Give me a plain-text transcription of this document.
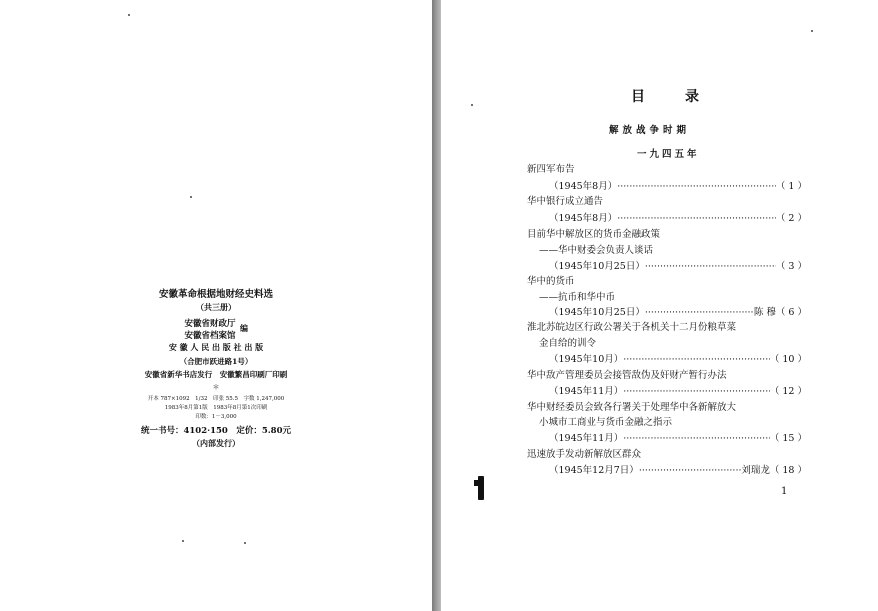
安徽革命根据地财经史料选
（共三册）
安徽省财政厅
安徽省档案馆
编
安 徽 人 民 出 版 社 出 版
（合肥市跃进路1号）
安徽省新华书店发行　安徽繁昌印刷厂印刷
＊
开本 787×1092　1/32　印张 55.5　字数 1,247,000
1983年8月第1版　1983年8月第1次印刷
印数：1－3,000
统一书号：4102·150　定价：5.80元
（内部发行）
目录
解放战争时期
一九四五年
新四军布告
（1945年8月） ·····	（ 1 ）
华中银行成立通告
（1945年8月） ·····	（ 2 ）
目前华中解放区的货币金融政策
——华中财委会负责人谈话
（1945年10月25日） ·····	（ 3 ）
华中的货币
——抗币和华中币
（1945年10月25日） ·····	陈 穆 （ 6 ）
淮北苏皖边区行政公署关于各机关十二月份粮草菜
金自给的训令
（1945年10月） ·····	（ 10 ）
华中敌产管理委员会接管敌伪及奸财产暂行办法
（1945年11月） ·····	（ 12 ）
华中财经委员会致各行署关于处理华中各新解放大
小城市工商业与货币金融之指示
（1945年11月） ·····	（ 15 ）
迅速放手发动新解放区群众
（1945年12月7日） ·····	刘瑞龙 （ 18 ）
1
